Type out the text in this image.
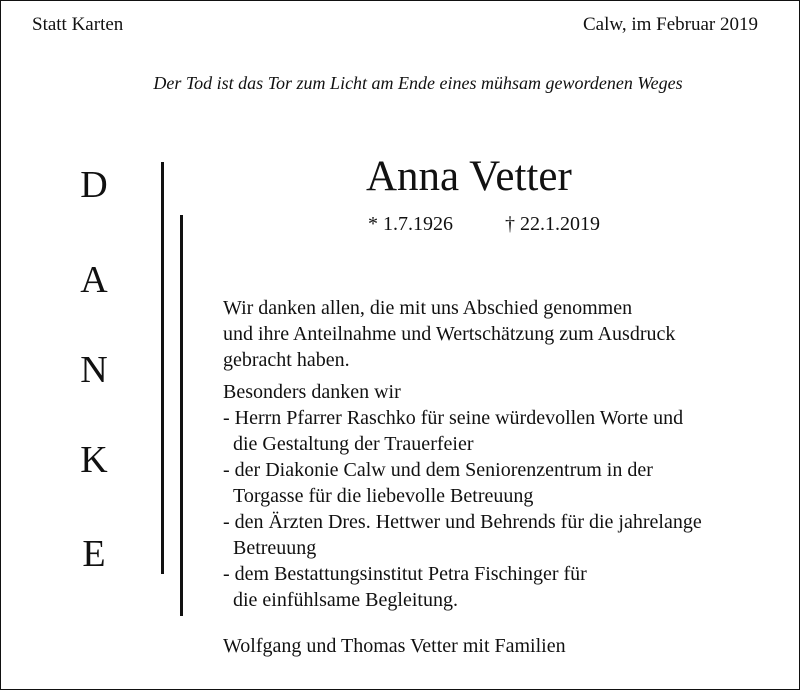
Statt Karten	Calw, im Februar 2019
Der Tod ist das Tor zum Licht am Ende eines mühsam gewordenen Weges
D
A
N
K
E
Anna Vetter
* 1.7.1926	† 22.1.2019
Wir danken allen, die mit uns Abschied genommen
und ihre Anteilnahme und Wertschätzung zum Ausdruck
gebracht haben.
Besonders danken wir
- Herrn Pfarrer Raschko für seine würdevollen Worte und
die Gestaltung der Trauerfeier
- der Diakonie Calw und dem Seniorenzentrum in der
Torgasse für die liebevolle Betreuung
- den Ärzten Dres. Hettwer und Behrends für die jahrelange
Betreuung
- dem Bestattungsinstitut Petra Fischinger für
die einfühlsame Begleitung.
Wolfgang und Thomas Vetter mit Familien
